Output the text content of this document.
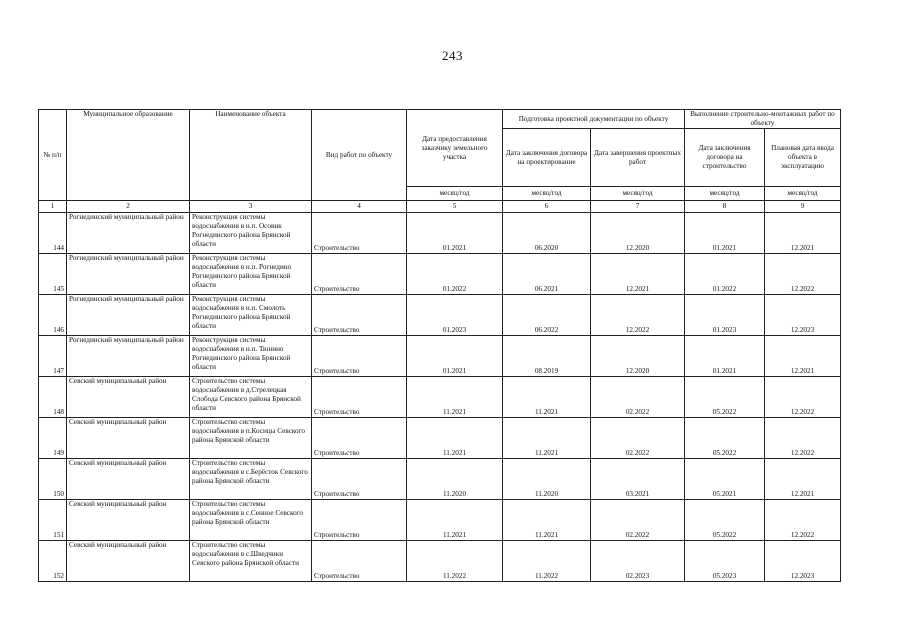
243
№ п/п	Муниципальное образование	Наименование объекта	Вид работ по объекту	Дата предоставления заказчику земельного участка	Подготовка проектной документации по объекту		Выполнение строительно-монтажных работ по объекту	
					Дата заключения договора на проектирование	Дата завершения проектных работ	Дата заключения договора на строительство	Плановая дата ввода объекта в эксплуатацию
				месяц/год	месяц/год	месяц/год	месяц/год	месяц/год
1	2	3	4	5	6	7	8	9
144	Рогнединский муниципальный район	Реконструкция системы водоснабжения в н.п. Осовик Рогнединского района Брянской области	Строительство	01.2021	06.2020	12.2020	01.2021	12.2021
145	Рогнединский муниципальный район	Реконструкция системы водоснабжения в н.п. Рогнедино Рогнединского района Брянской области	Строительство	01.2022	06.2021	12.2021	01.2022	12.2022
146	Рогнединский муниципальный район	Реконструкция системы водоснабжения в н.п. Смолоть Рогнединского района Брянской области	Строительство	01.2023	06.2022	12.2022	01.2023	12.2023
147	Рогнединский муниципальный район	Реконструкция системы водоснабжения в н.п. Тюнино Рогнединского района Брянской области	Строительство	01.2021	08.2019	12.2020	01.2021	12.2021
148	Севский муниципальный район	Строительство системы водоснабжения в д.Стрелецкая Слобода Севского района Брянской области	Строительство	11.2021	11.2021	02.2022	05.2022	12.2022
149	Севский муниципальный район	Строительство системы водоснабжения в п.Косицы Севского района Брянской области	Строительство	11.2021	11.2021	02.2022	05.2022	12.2022
150	Севский муниципальный район	Строительство системы водоснабжения в с.Берёсток Севского района Брянской области	Строительство	11.2020	11.2020	03.2021	05.2021	12.2021
151	Севский муниципальный район	Строительство системы водоснабжения в с.Сенное Севского района Брянской области	Строительство	11.2021	11.2021	02.2022	05.2022	12.2022
152	Севский муниципальный район	Строительство системы водоснабжения в с.Шведчики Севского района Брянской области	Строительство	11.2022	11.2022	02.2023	05.2023	12.2023
